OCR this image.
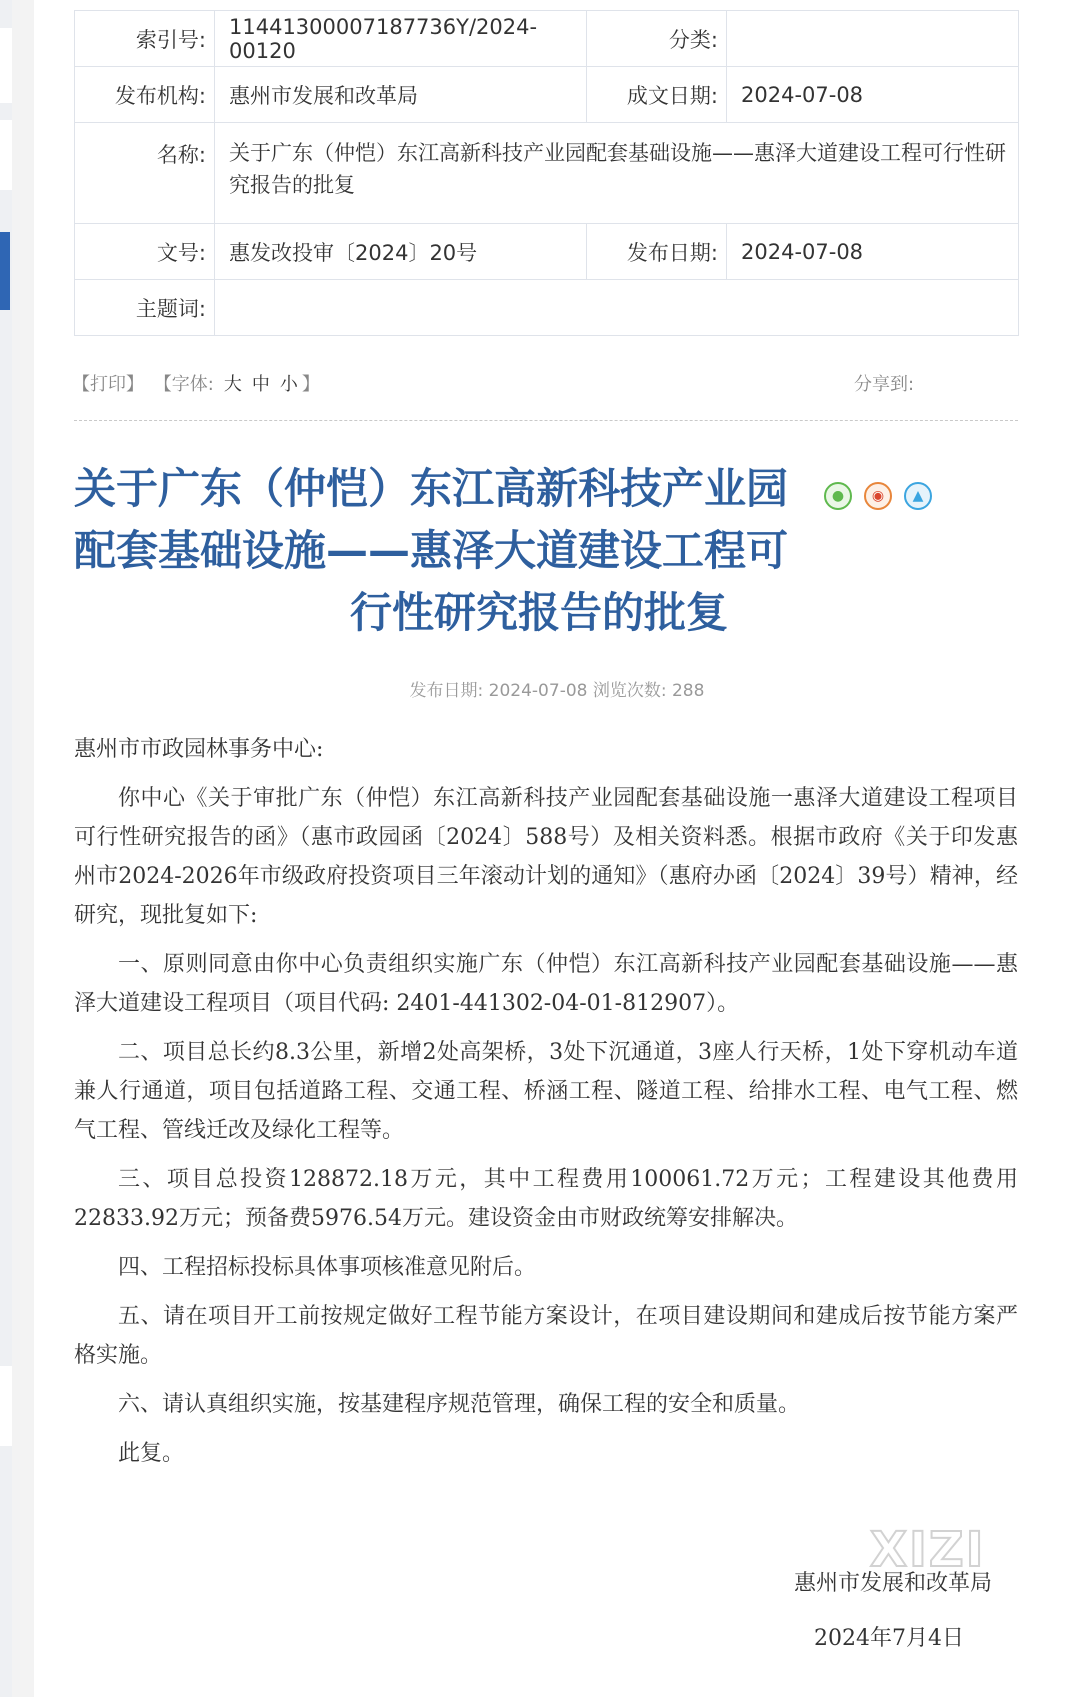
索引号:	11441300007187736Y/2024-00120	分类:	
发布机构:	惠州市发展和改革局	成文日期:	2024-07-08
名称:	关于广东（仲恺）东江高新科技产业园配套基础设施——惠泽大道建设工程可行性研究报告的批复		
文号:	惠发改投审〔2024〕20号	发布日期:	2024-07-08
主题词:			
【打印】 【字体: 大 中 小 】	分享到:
关于广东（仲恺）东江高新科技产业园
配套基础设施——惠泽大道建设工程可
行性研究报告的批复
●	◉	▲
发布日期: 2024-07-08 浏览次数: 288

惠州市市政园林事务中心:

你中心《关于审批广东（仲恺）东江高新科技产业园配套基础设施一惠泽大道建设工程项目可行性研究报告的函》（惠市政园函〔2024〕588号）及相关资料悉。根据市政府《关于印发惠州市2024-2026年市级政府投资项目三年滚动计划的通知》（惠府办函〔2024〕39号）精神，经研究，现批复如下:

一、原则同意由你中心负责组织实施广东（仲恺）东江高新科技产业园配套基础设施——惠泽大道建设工程项目（项目代码: 2401-441302-04-01-812907）。

二、项目总长约8.3公里，新增2处高架桥，3处下沉通道，3座人行天桥，1处下穿机动车道兼人行通道，项目包括道路工程、交通工程、桥涵工程、隧道工程、给排水工程、电气工程、燃气工程、管线迁改及绿化工程等。

三、项目总投资128872.18万元，其中工程费用100061.72万元；工程建设其他费用22833.92万元；预备费5976.54万元。建设资金由市财政统筹安排解决。

四、工程招标投标具体事项核准意见附后。

五、请在项目开工前按规定做好工程节能方案设计，在项目建设期间和建成后按节能方案严格实施。

六、请认真组织实施，按基建程序规范管理，确保工程的安全和质量。

此复。

XIZI
惠州市发展和改革局
2024年7月4日
